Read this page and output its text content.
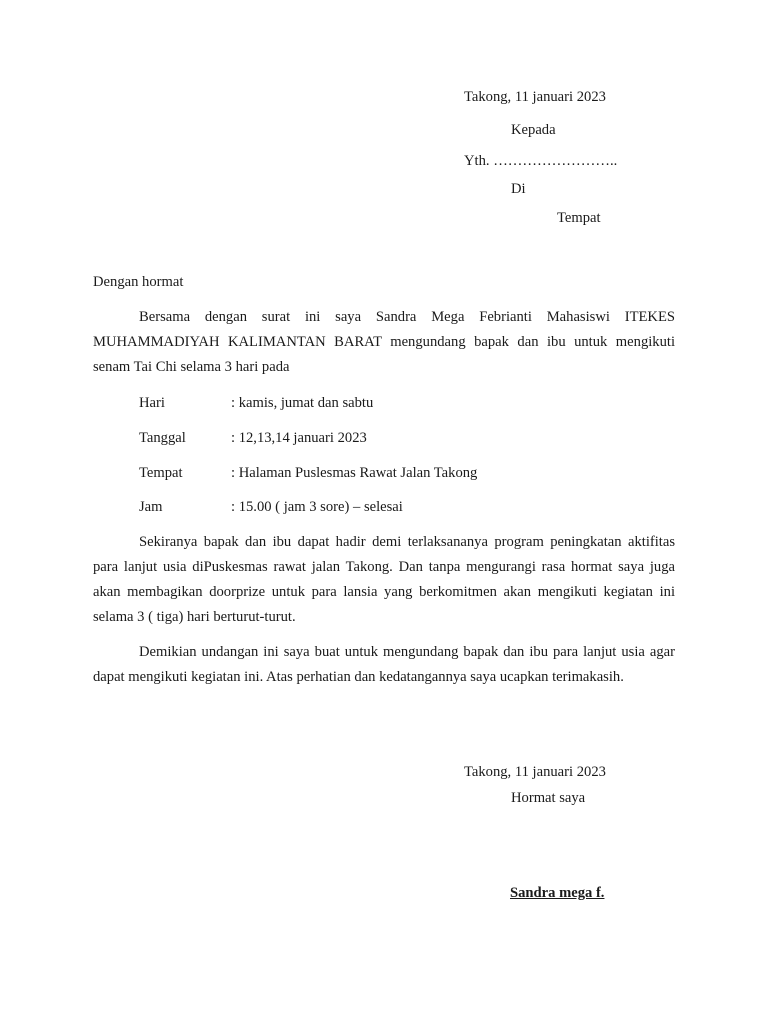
Takong, 11 januari 2023
Kepada
Yth. ……………………..
Di
Tempat
Dengan hormat
Bersama dengan surat ini saya Sandra Mega Febrianti Mahasiswi ITEKES MUHAMMADIYAH KALIMANTAN BARAT mengundang bapak dan ibu untuk mengikuti senam Tai Chi selama 3 hari pada
Hari	: kamis, jumat dan sabtu
Tanggal	: 12,13,14 januari 2023
Tempat	: Halaman Puslesmas Rawat Jalan Takong
Jam	: 15.00 ( jam 3 sore) – selesai
Sekiranya bapak dan ibu dapat hadir demi terlaksananya program peningkatan aktifitas para lanjut usia diPuskesmas rawat jalan Takong. Dan tanpa mengurangi rasa hormat saya juga akan membagikan doorprize untuk para lansia yang berkomitmen akan mengikuti kegiatan ini selama 3 ( tiga) hari berturut-turut.
Demikian undangan ini saya buat untuk mengundang bapak dan ibu para lanjut usia agar dapat mengikuti kegiatan ini. Atas perhatian dan kedatangannya saya ucapkan terimakasih.
Takong, 11 januari 2023
Hormat saya
Sandra mega f.
